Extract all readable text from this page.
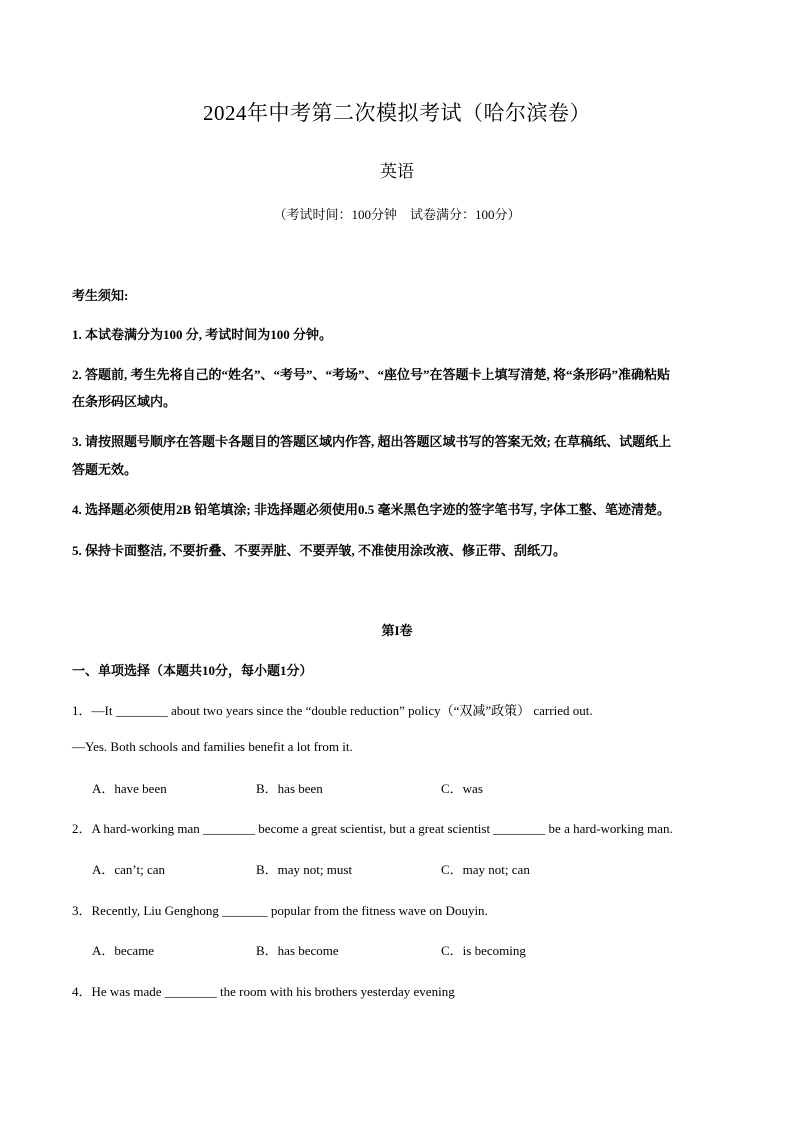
2024年中考第二次模拟考试（哈尔滨卷）
英语
（考试时间：100分钟　试卷满分：100分）
考生须知:
1. 本试卷满分为100 分, 考试时间为100 分钟。
2. 答题前, 考生先将自己的“姓名”、“考号”、“考场”、“座位号”在答题卡上填写清楚, 将“条形码”准确粘贴
在条形码区域内。
3. 请按照题号顺序在答题卡各题目的答题区域内作答, 超出答题区域书写的答案无效; 在草稿纸、试题纸上
答题无效。
4. 选择题必须使用2B 铅笔填涂; 非选择题必须使用0.5 毫米黑色字迹的签字笔书写, 字体工整、笔迹清楚。
5. 保持卡面整洁, 不要折叠、不要弄脏、不要弄皱, 不准使用涂改液、修正带、刮纸刀。
第I卷
一、单项选择（本题共10分，每小题1分）
1．—It ________ about two years since the “double reduction” policy（“双减”政策） carried out.
—Yes. Both schools and families benefit a lot from it.
A．have been	B．has been	C．was
2．A hard-working man ________ become a great scientist, but a great scientist ________ be a hard-working man.
A．can’t; can	B．may not; must	C．may not; can
3．Recently, Liu Genghong _______ popular from the fitness wave on Douyin.
A．became	B．has become	C．is becoming
4．He was made ________ the room with his brothers yesterday evening
